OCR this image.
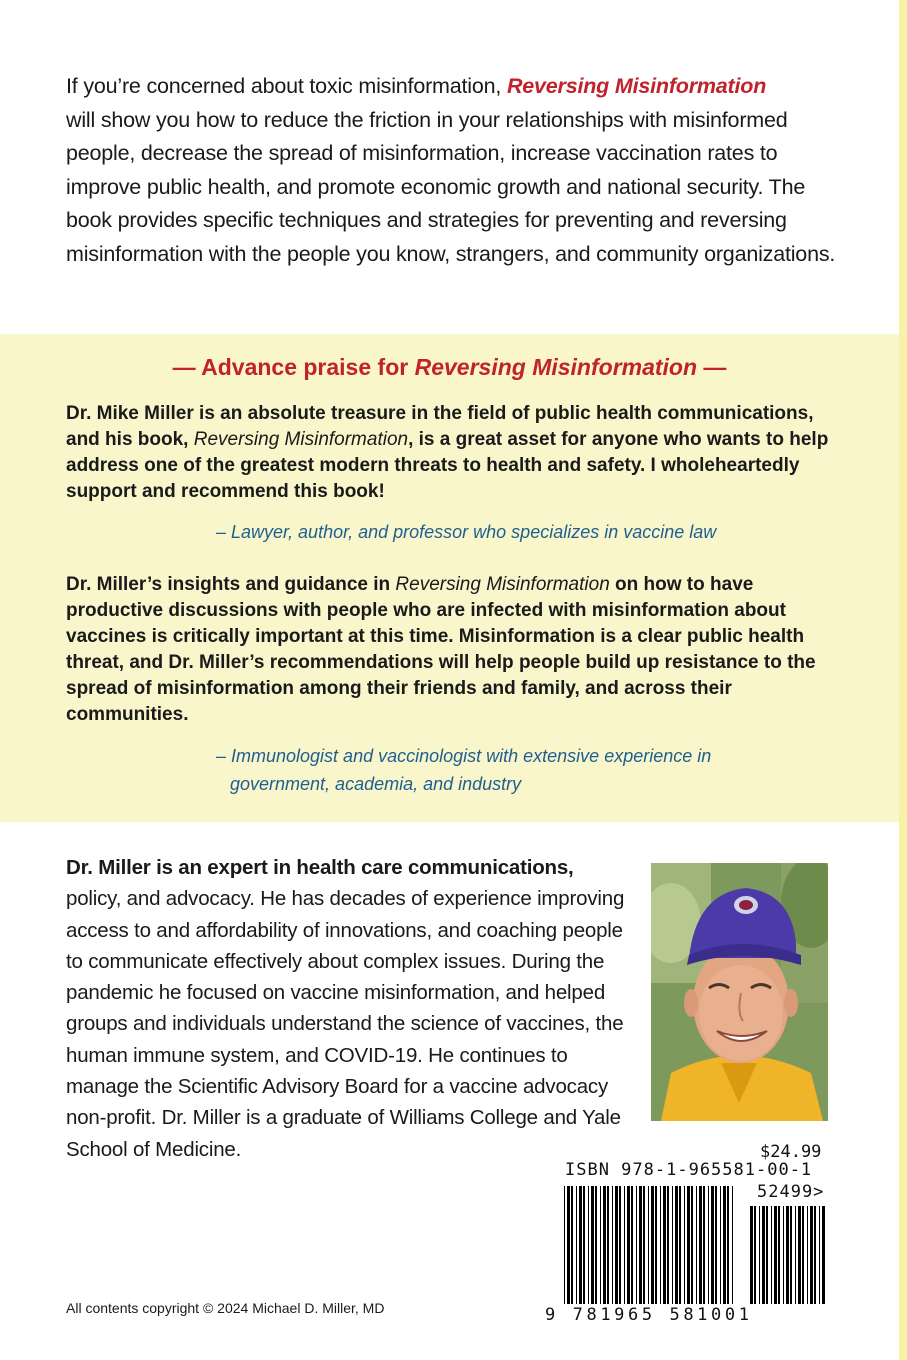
If you’re concerned about toxic misinformation, Reversing Misinformation
will show you how to reduce the friction in your relationships with misinformed people, decrease the spread of misinformation, increase vaccination rates to improve public health, and promote economic growth and national security. The book provides specific techniques and strategies for preventing and reversing misinformation with the people you know, strangers, and community organizations.
— Advance praise for Reversing Misinformation —
Dr. Mike Miller is an absolute treasure in the field of public health communications, and his book, Reversing Misinformation, is a great asset for anyone who wants to help address one of the greatest modern threats to health and safety. I wholeheartedly support and recommend this book!
– Lawyer, author, and professor who specializes in vaccine law
Dr. Miller’s insights and guidance in Reversing Misinformation on how to have productive discussions with people who are infected with misinformation about vaccines is critically important at this time. Misinformation is a clear public health threat, and Dr. Miller’s recommendations will help people build up resistance to the spread of misinformation among their friends and family, and across their communities.
– Immunologist and vaccinologist with extensive experience in
government, academia, and industry
Dr. Miller is an expert in health care communications,
policy, and advocacy. He has decades of experience improving access to and affordability of innovations, and coaching people to communicate effectively about complex issues. During the pandemic he focused on vaccine misinformation, and helped groups and individuals understand the science of vaccines, the human immune system, and COVID-19. He continues to manage the Scientific Advisory Board for a vaccine advocacy non-profit. Dr. Miller is a graduate of Williams College and Yale School of Medicine.	$24.99
ISBN 978-1-965581-00-1
52499>
9 781965 581001
All contents copyright © 2024 Michael D. Miller, MD
